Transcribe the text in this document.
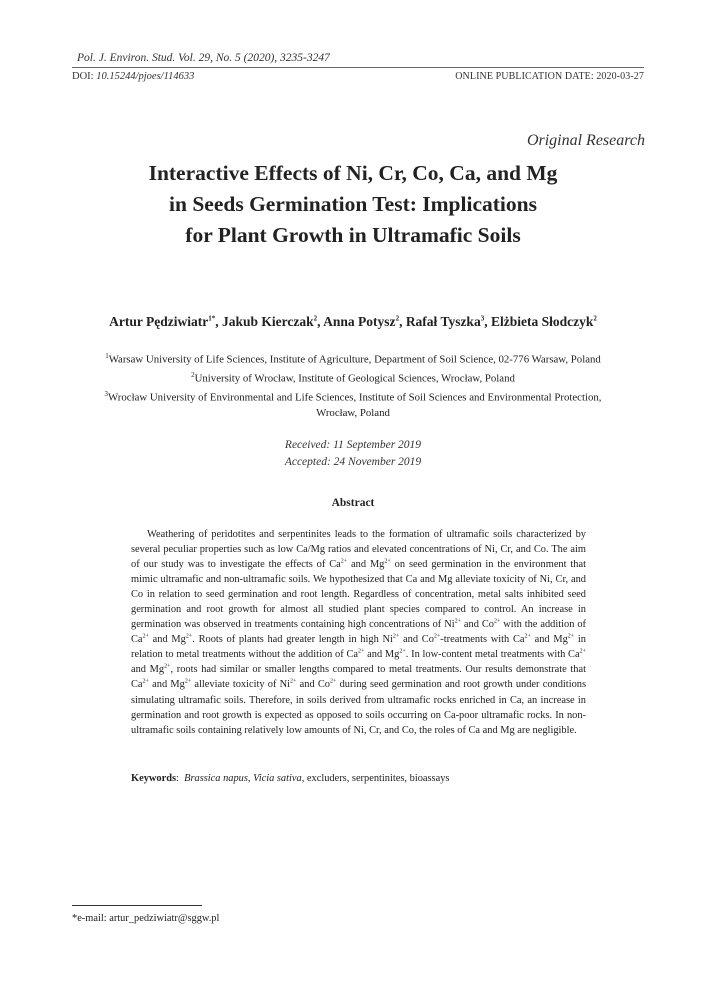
Pol. J. Environ. Stud. Vol. 29, No. 5 (2020), 3235-3247
DOI: 10.15244/pjoes/114633	ONLINE PUBLICATION DATE: 2020-03-27
Original Research
Interactive Effects of Ni, Cr, Co, Ca, and Mg
in Seeds Germination Test: Implications
for Plant Growth in Ultramafic Soils
Artur Pędziwiatr$^{1*}$, Jakub Kierczak$^2$, Anna Potysz$^2$, Rafał Tyszka$^3$, Elżbieta Słodczyk$^2$
$^1$Warsaw University of Life Sciences, Institute of Agriculture, Department of Soil Science, 02-776 Warsaw, Poland
$^2$University of Wrocław, Institute of Geological Sciences, Wrocław, Poland
$^3$Wrocław University of Environmental and Life Sciences, Institute of Soil Sciences and Environmental Protection,
Wrocław, Poland
Received: 11 September 2019
Accepted: 24 November 2019
Abstract
Weathering of peridotites and serpentinites leads to the formation of ultramafic soils characterized by several peculiar properties such as low Ca/Mg ratios and elevated concentrations of Ni, Cr, and Co. The aim of our study was to investigate the effects of $Ca^{2+}$ and $Mg^{2+}$ on seed germination in the environment that mimic ultramafic and non-ultramafic soils. We hypothesized that Ca and Mg alleviate toxicity of Ni, Cr, and Co in relation to seed germination and root length. Regardless of concentration, metal salts inhibited seed germination and root growth for almost all studied plant species compared to control. An increase in germination was observed in treatments containing high concentrations of $Ni^{2+}$ and $Co^{2+}$ with the addition of $Ca^{2+}$ and $Mg^{2+}$. Roots of plants had greater length in high $Ni^{2+}$ and $Co^{2+}$-treatments with $Ca^{2+}$ and $Mg^{2+}$ in relation to metal treatments without the addition of $Ca^{2+}$ and $Mg^{2+}$. In low-content metal treatments with $Ca^{2+}$ and $Mg^{2+}$, roots had similar or smaller lengths compared to metal treatments. Our results demonstrate that $Ca^{2+}$ and $Mg^{2+}$ alleviate toxicity of $Ni^{2+}$ and $Co^{2+}$ during seed germination and root growth under conditions simulating ultramafic soils. Therefore, in soils derived from ultramafic rocks enriched in Ca, an increase in germination and root growth is expected as opposed to soils occurring on Ca-poor ultramafic rocks. In non-ultramafic soils containing relatively low amounts of Ni, Cr, and Co, the roles of Ca and Mg are negligible.
Keywords: Brassica napus, Vicia sativa, excluders, serpentinites, bioassays
*e-mail: artur_pedziwiatr@sggw.pl
